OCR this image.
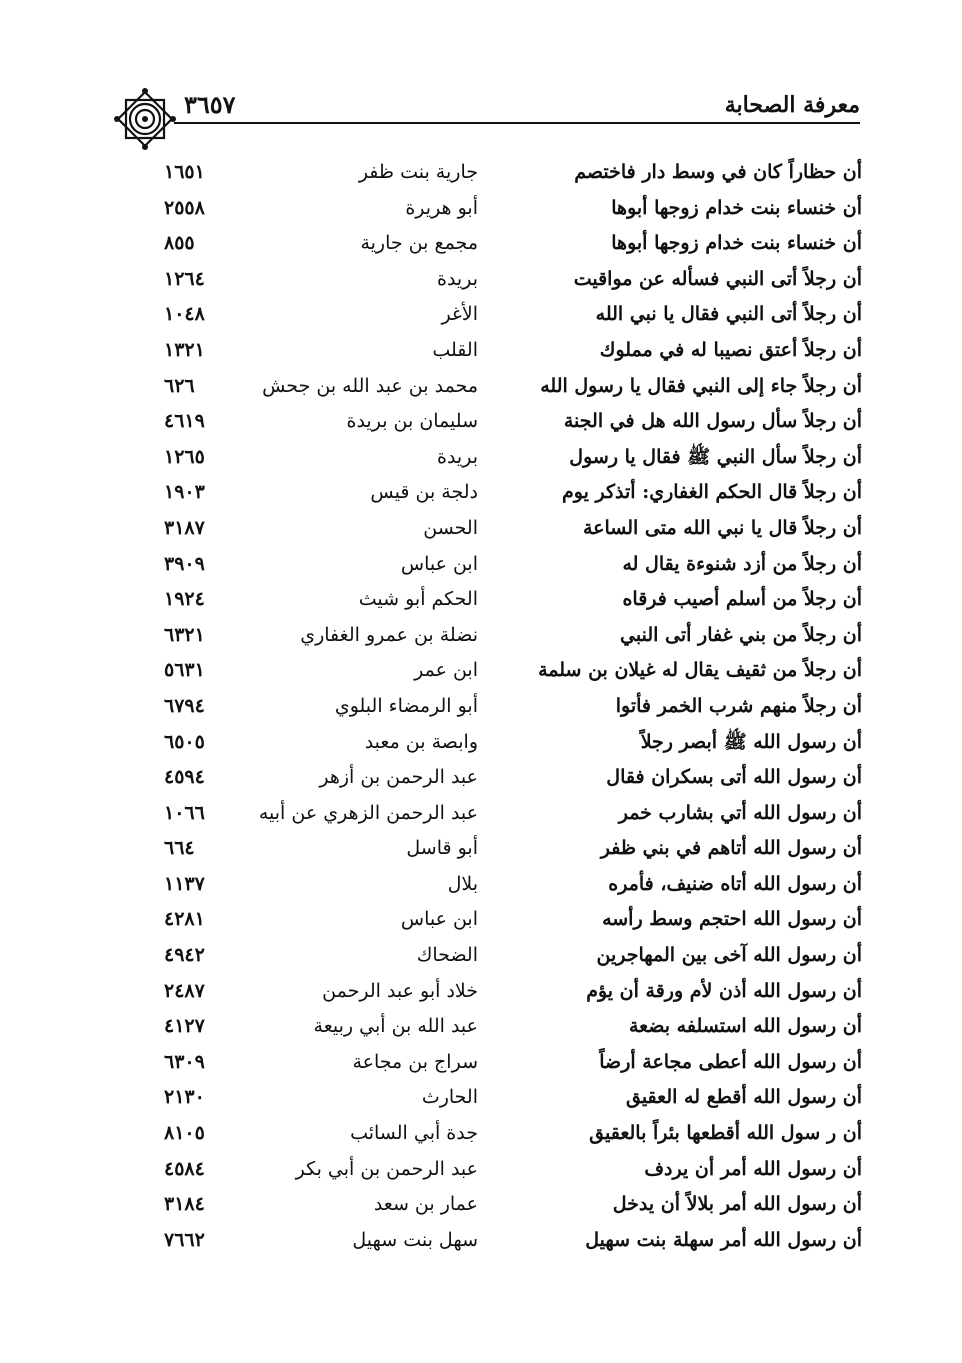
٣٦٥٧	معرفة الصحابة
أن حظاراً كان في وسط دار فاختصم
جارية بنت ظفر
١٦٥١
أن خنساء بنت خدام زوجها أبوها
أبو هريرة
٢٥٥٨
أن خنساء بنت خدام زوجها أبوها
مجمع بن جارية
٨٥٥
أن رجلاً أتى النبي فسأله عن مواقيت
بريدة
١٢٦٤
أن رجلاً أتى النبي فقال يا نبي الله
الأغر
١٠٤٨
أن رجلاً أعتق نصيبا له في مملوك
القلب
١٣٢١
أن رجلاً جاء إلى النبي فقال يا رسول الله
محمد بن عبد الله بن جحش
٦٢٦
أن رجلاً سأل رسول الله هل في الجنة
سليمان بن بريدة
٤٦١٩
أن رجلاً سأل النبي ﷺ فقال يا رسول
بريدة
١٢٦٥
أن رجلاً قال الحكم الغفاري: أتذكر يوم
دلجة بن قيس
١٩٠٣
أن رجلاً قال يا نبي الله متى الساعة
الحسن
٣١٨٧
أن رجلاً من أزد شنوءة يقال له
ابن عباس
٣٩٠٩
أن رجلاً من أسلم أصيب فرقاه
الحكم أبو شيث
١٩٢٤
أن رجلاً من بني غفار أتى النبي
نضلة بن عمرو الغفاري
٦٣٢١
أن رجلاً من ثقيف يقال له غيلان بن سلمة
ابن عمر
٥٦٣١
أن رجلاً منهم شرب الخمر فأتوا
أبو الرمضاء البلوي
٦٧٩٤
أن رسول الله ﷺ أبصر رجلاً
وابصة بن معبد
٦٥٠٥
أن رسول الله أتى بسكران فقال
عبد الرحمن بن أزهر
٤٥٩٤
أن رسول الله أتي بشارب خمر
عبد الرحمن الزهري عن أبيه
١٠٦٦
أن رسول الله أتاهم في بني ظفر
أبو قاسل
٦٦٤
أن رسول الله أتاه ضنيف، فأمره
بلال
١١٣٧
أن رسول الله احتجم وسط رأسه
ابن عباس
٤٢٨١
أن رسول الله آخى بين المهاجرين
الضحاك
٤٩٤٢
أن رسول الله أذن لأم ورقة أن يؤم
خلاد أبو عبد الرحمن
٢٤٨٧
أن رسول الله استسلفه بضعة
عبد الله بن أبي ربيعة
٤١٢٧
أن رسول الله أعطى مجاعة أرضاً
سراج بن مجاعة
٦٣٠٩
أن رسول الله أقطع له العقيق
الحارث
٢١٣٠
أن ر سول الله أقطعها بئراً بالعقيق
جدة أبي السائب
٨١٠٥
أن رسول الله أمر أن يردف
عبد الرحمن بن أبي بكر
٤٥٨٤
أن رسول الله أمر بلالاً أن يدخل
عمار بن سعد
٣١٨٤
أن رسول الله أمر سهلة بنت سهيل
سهل بنت سهيل
٧٦٦٢
